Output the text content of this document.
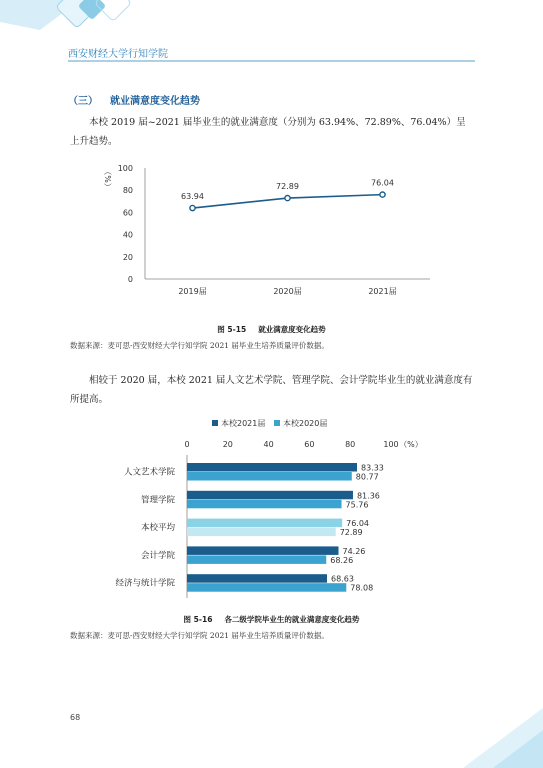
西安财经大学行知学院
（三） 就业满意度变化趋势
本校 2019 届~2021 届毕业生的就业满意度（分别为 63.94%、72.89%、76.04%）呈上升趋势。
0
20
40
60
80
100
（%）
2019届	2020届	2021届
63.94
72.89	76.04
图 5-15 就业满意度变化趋势
数据来源：麦可思-西安财经大学行知学院 2021 届毕业生培养质量评价数据。
相较于 2020 届，本校 2021 届人文艺术学院、管理学院、会计学院毕业生的就业满意度有所提高。
本校2021届 本校2020届
0	20	40	60	80	100 （%）
人文艺术学院
管理学院
本校平均
会计学院
经济与统计学院
83.33
80.77
81.36
75.76
76.04
72.89
74.26
68.26
68.63
78.08
图 5-16 各二级学院毕业生的就业满意度变化趋势
数据来源：麦可思-西安财经大学行知学院 2021 届毕业生培养质量评价数据。
68
